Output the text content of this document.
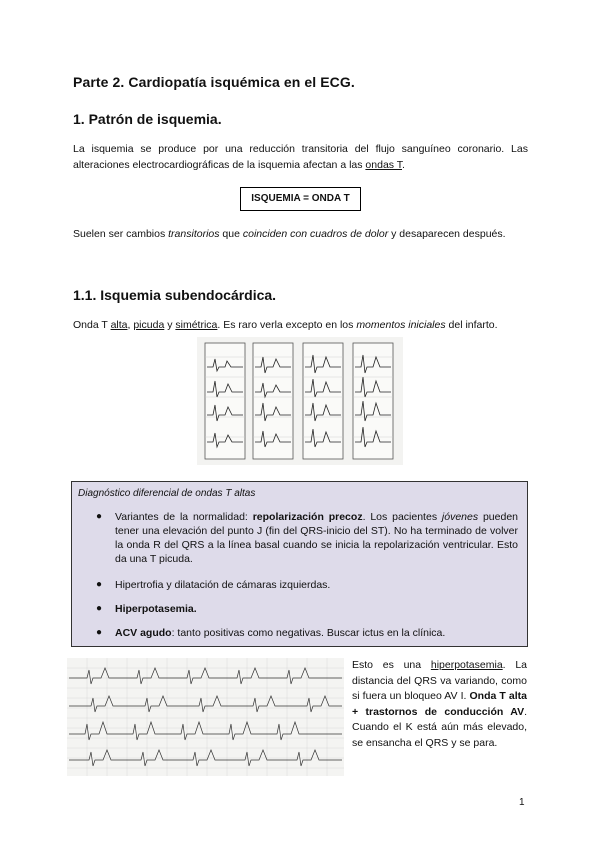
Parte 2. Cardiopatía isquémica en el ECG.
1. Patrón de isquemia.
La isquemia se produce por una reducción transitoria del flujo sanguíneo coronario. Las alteraciones electrocardiográficas de la isquemia afectan a las ondas T.
ISQUEMIA = ONDA T
Suelen ser cambios transitorios que coinciden con cuadros de dolor y desaparecen después.
1.1. Isquemia subendocárdica.
Onda T alta, picuda y simétrica. Es raro verla excepto en los momentos iniciales del infarto.
Diagnóstico diferencial de ondas T altas
● Variantes de la normalidad: repolarización precoz. Los pacientes jóvenes pueden tener una elevación del punto J (fin del QRS-inicio del ST). No ha terminado de volver la onda R del QRS a la línea basal cuando se inicia la repolarización ventricular. Esto da una T picuda.
● Hipertrofia y dilatación de cámaras izquierdas.
● Hiperpotasemia.
● ACV agudo: tanto positivas como negativas. Buscar ictus en la clínica.
Esto es una hiperpotasemia. La distancia del QRS va variando, como si fuera un bloqueo AV I. Onda T alta + trastornos de conducción AV. Cuando el K está aún más elevado, se ensancha el QRS y se para.
1
